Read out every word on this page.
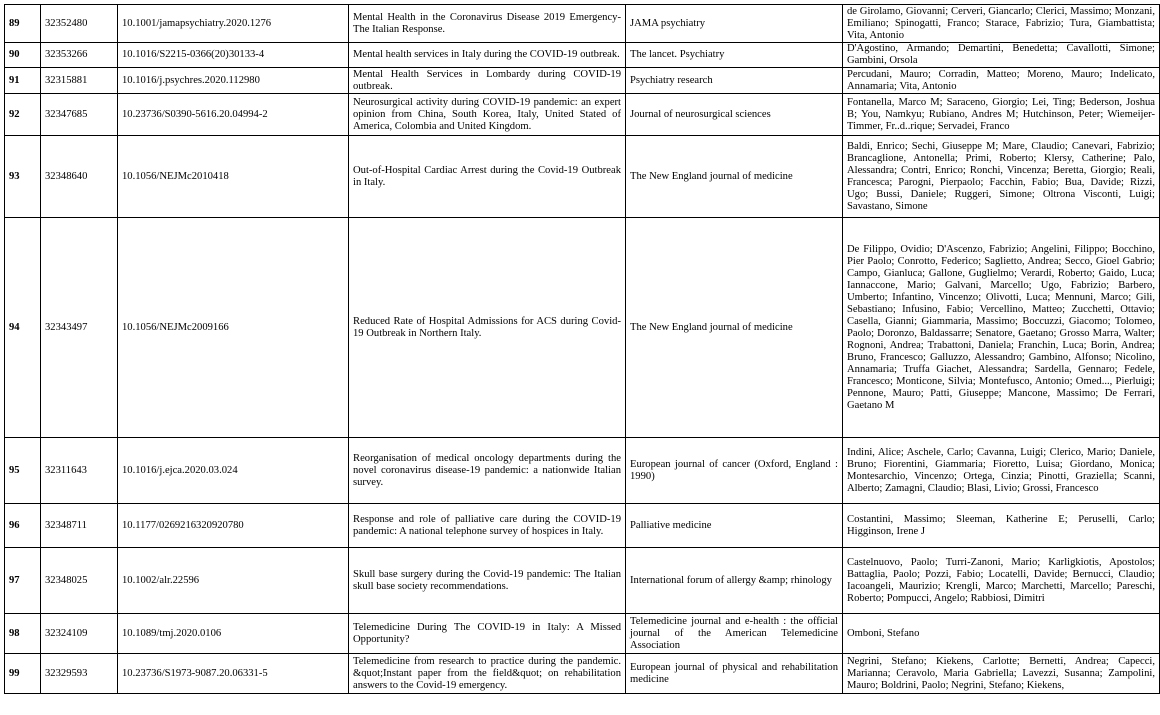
89	32352480	10.1001/jamapsychiatry.2020.1276	Mental Health in the Coronavirus Disease 2019 Emergency-The Italian Response.	JAMA psychiatry	de Girolamo, Giovanni; Cerveri, Giancarlo; Clerici, Massimo; Monzani, Emiliano; Spinogatti, Franco; Starace, Fabrizio; Tura, Giambattista; Vita, Antonio
90	32353266	10.1016/S2215-0366(20)30133-4	Mental health services in Italy during the COVID-19 outbreak.	The lancet. Psychiatry	D'Agostino, Armando; Demartini, Benedetta; Cavallotti, Simone; Gambini, Orsola
91	32315881	10.1016/j.psychres.2020.112980	Mental Health Services in Lombardy during COVID-19 outbreak.	Psychiatry research	Percudani, Mauro; Corradin, Matteo; Moreno, Mauro; Indelicato, Annamaria; Vita, Antonio
92	32347685	10.23736/S0390-5616.20.04994-2	Neurosurgical activity during COVID-19 pandemic: an expert opinion from China, South Korea, Italy, United Stated of America, Colombia and United Kingdom.	Journal of neurosurgical sciences	Fontanella, Marco M; Saraceno, Giorgio; Lei, Ting; Bederson, Joshua B; You, Namkyu; Rubiano, Andres M; Hutchinson, Peter; Wiemeijer-Timmer, Fr..d..rique; Servadei, Franco
93	32348640	10.1056/NEJMc2010418	Out-of-Hospital Cardiac Arrest during the Covid-19 Outbreak in Italy.	The New England journal of medicine	Baldi, Enrico; Sechi, Giuseppe M; Mare, Claudio; Canevari, Fabrizio; Brancaglione, Antonella; Primi, Roberto; Klersy, Catherine; Palo, Alessandra; Contri, Enrico; Ronchi, Vincenza; Beretta, Giorgio; Reali, Francesca; Parogni, Pierpaolo; Facchin, Fabio; Bua, Davide; Rizzi, Ugo; Bussi, Daniele; Ruggeri, Simone; Oltrona Visconti, Luigi; Savastano, Simone
94	32343497	10.1056/NEJMc2009166	Reduced Rate of Hospital Admissions for ACS during Covid-19 Outbreak in Northern Italy.	The New England journal of medicine	De Filippo, Ovidio; D'Ascenzo, Fabrizio; Angelini, Filippo; Bocchino, Pier Paolo; Conrotto, Federico; Saglietto, Andrea; Secco, Gioel Gabrio; Campo, Gianluca; Gallone, Guglielmo; Verardi, Roberto; Gaido, Luca; Iannaccone, Mario; Galvani, Marcello; Ugo, Fabrizio; Barbero, Umberto; Infantino, Vincenzo; Olivotti, Luca; Mennuni, Marco; Gili, Sebastiano; Infusino, Fabio; Vercellino, Matteo; Zucchetti, Ottavio; Casella, Gianni; Giammaria, Massimo; Boccuzzi, Giacomo; Tolomeo, Paolo; Doronzo, Baldassarre; Senatore, Gaetano; Grosso Marra, Walter; Rognoni, Andrea; Trabattoni, Daniela; Franchin, Luca; Borin, Andrea; Bruno, Francesco; Galluzzo, Alessandro; Gambino, Alfonso; Nicolino, Annamaria; Truffa Giachet, Alessandra; Sardella, Gennaro; Fedele, Francesco; Monticone, Silvia; Montefusco, Antonio; Omed..., Pierluigi; Pennone, Mauro; Patti, Giuseppe; Mancone, Massimo; De Ferrari, Gaetano M
95	32311643	10.1016/j.ejca.2020.03.024	Reorganisation of medical oncology departments during the novel coronavirus disease-19 pandemic: a nationwide Italian survey.	European journal of cancer (Oxford, England : 1990)	Indini, Alice; Aschele, Carlo; Cavanna, Luigi; Clerico, Mario; Daniele, Bruno; Fiorentini, Giammaria; Fioretto, Luisa; Giordano, Monica; Montesarchio, Vincenzo; Ortega, Cinzia; Pinotti, Graziella; Scanni, Alberto; Zamagni, Claudio; Blasi, Livio; Grossi, Francesco
96	32348711	10.1177/0269216320920780	Response and role of palliative care during the COVID-19 pandemic: A national telephone survey of hospices in Italy.	Palliative medicine	Costantini, Massimo; Sleeman, Katherine E; Peruselli, Carlo; Higginson, Irene J
97	32348025	10.1002/alr.22596	Skull base surgery during the Covid-19 pandemic: The Italian skull base society recommendations.	International forum of allergy &amp; rhinology	Castelnuovo, Paolo; Turri-Zanoni, Mario; Karligkiotis, Apostolos; Battaglia, Paolo; Pozzi, Fabio; Locatelli, Davide; Bernucci, Claudio; Iacoangeli, Maurizio; Krengli, Marco; Marchetti, Marcello; Pareschi, Roberto; Pompucci, Angelo; Rabbiosi, Dimitri
98	32324109	10.1089/tmj.2020.0106	Telemedicine During The COVID-19 in Italy: A Missed Opportunity?	Telemedicine journal and e-health : the official journal of the American Telemedicine Association	Omboni, Stefano
99	32329593	10.23736/S1973-9087.20.06331-5	Telemedicine from research to practice during the pandemic. &quot;Instant paper from the field&quot; on rehabilitation answers to the Covid-19 emergency.	European journal of physical and rehabilitation medicine	Negrini, Stefano; Kiekens, Carlotte; Bernetti, Andrea; Capecci, Marianna; Ceravolo, Maria Gabriella; Lavezzi, Susanna; Zampolini, Mauro; Boldrini, Paolo; Negrini, Stefano; Kiekens,
